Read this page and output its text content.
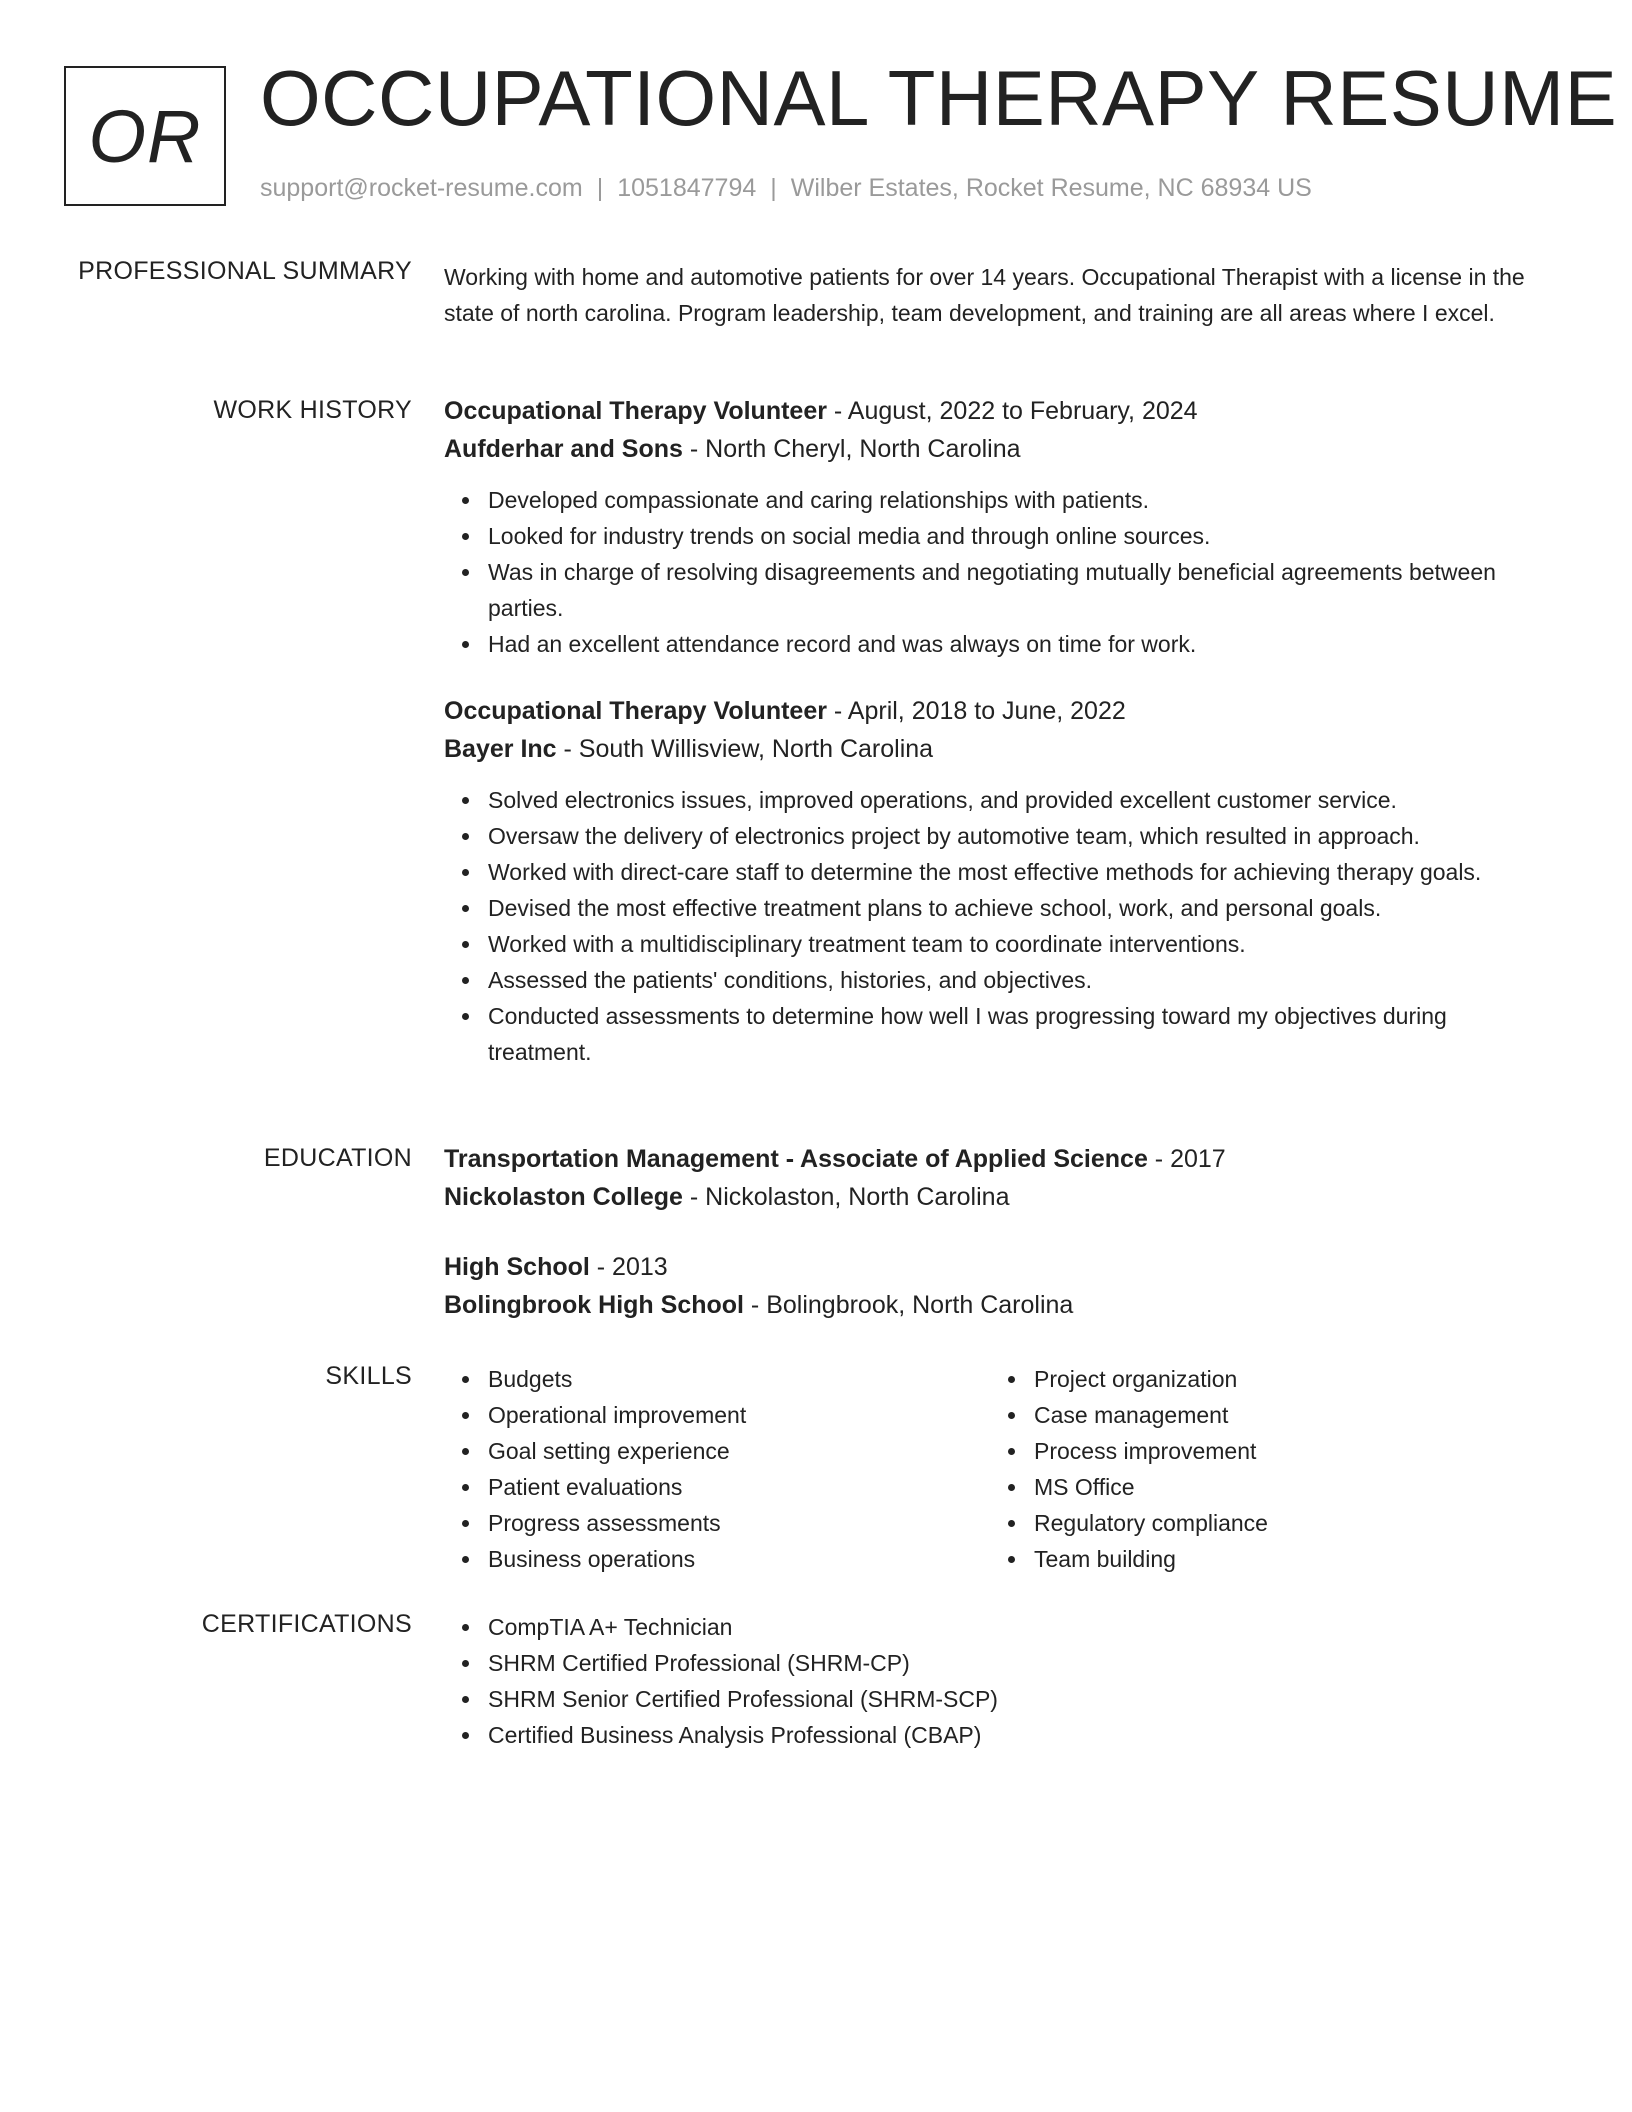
OR OCCUPATIONAL THERAPY RESUME
support@rocket-resume.com | 1051847794 | Wilber Estates, Rocket Resume, NC 68934 US
PROFESSIONAL SUMMARY Working with home and automotive patients for over 14 years. Occupational Therapist with a license in the state of north carolina. Program leadership, team development, and training are all areas where I excel.

WORK HISTORY Occupational Therapy Volunteer - August, 2022 to February, 2024

Aufderhar and Sons - North Cheryl, North Carolina

Developed compassionate and caring relationships with patients.
Looked for industry trends on social media and through online sources.
Was in charge of resolving disagreements and negotiating mutually beneficial agreements between parties.
Had an excellent attendance record and was always on time for work.

Occupational Therapy Volunteer - April, 2018 to June, 2022

Bayer Inc - South Willisview, North Carolina

Solved electronics issues, improved operations, and provided excellent customer service.
Oversaw the delivery of electronics project by automotive team, which resulted in approach.
Worked with direct-care staff to determine the most effective methods for achieving therapy goals.
Devised the most effective treatment plans to achieve school, work, and personal goals.
Worked with a multidisciplinary treatment team to coordinate interventions.
Assessed the patients' conditions, histories, and objectives.
Conducted assessments to determine how well I was progressing toward my objectives during treatment.
EDUCATION Transportation Management - Associate of Applied Science - 2017

Nickolaston College - Nickolaston, North Carolina

High School - 2013

Bolingbrook High School - Bolingbrook, North Carolina

SKILLS	Budgets
Operational improvement
Goal setting experience
Patient evaluations
Progress assessments
Business operations
Project organization
Case management
Process improvement
MS Office
Regulatory compliance
Team building
CERTIFICATIONS	CompTIA A+ Technician
SHRM Certified Professional (SHRM-CP)
SHRM Senior Certified Professional (SHRM-SCP)
Certified Business Analysis Professional (CBAP)
